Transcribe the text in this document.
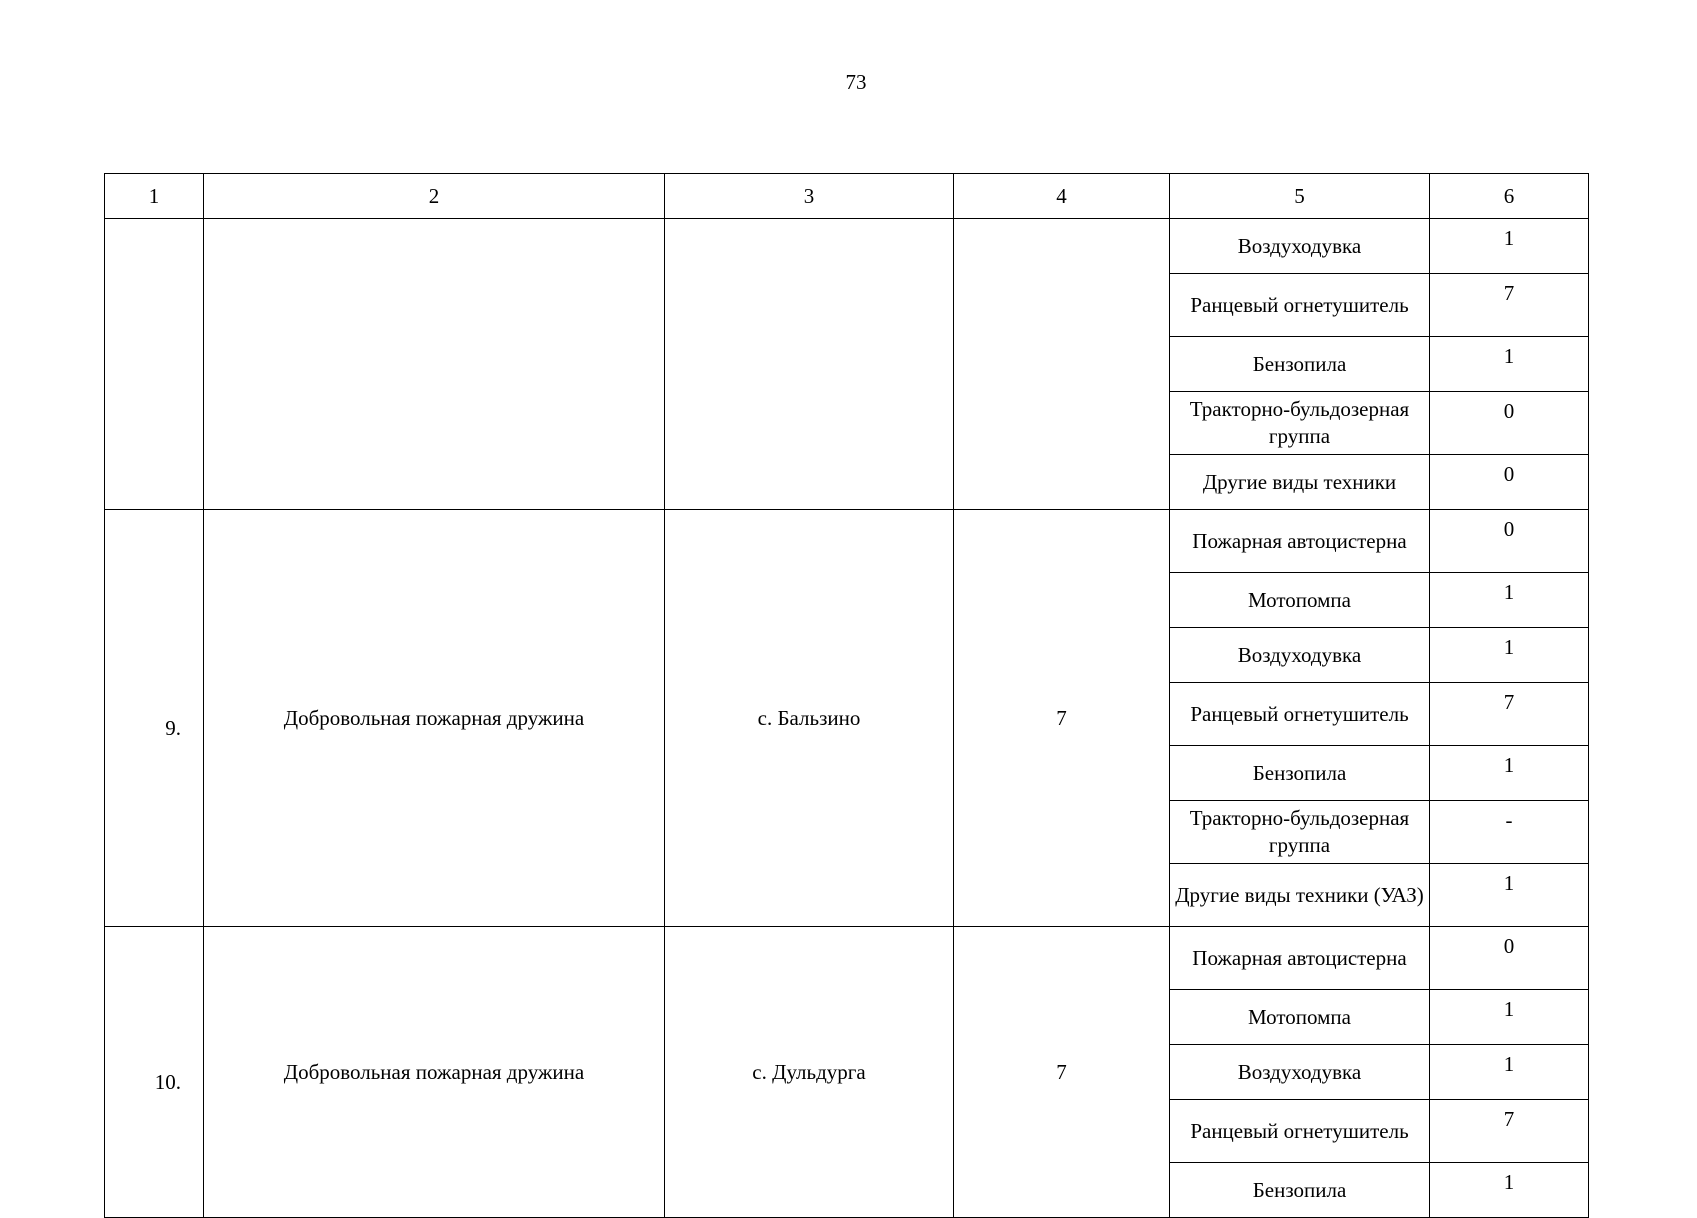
73
1	2	3	4	5	6
				Воздуходувка	1
				Ранцевый огнетушитель	7
				Бензопила	1
				Тракторно-бульдозерная группа	0
				Другие виды техники	0
9.	Добровольная пожарная дружина	с. Бальзино	7	Пожарная автоцистерна	0
				Мотопомпа	1
				Воздуходувка	1
				Ранцевый огнетушитель	7
				Бензопила	1
				Тракторно-бульдозерная группа	-
				Другие виды техники (УАЗ)	1
10.	Добровольная пожарная дружина	с. Дульдурга	7	Пожарная автоцистерна	0
				Мотопомпа	1
				Воздуходувка	1
				Ранцевый огнетушитель	7
				Бензопила	1
